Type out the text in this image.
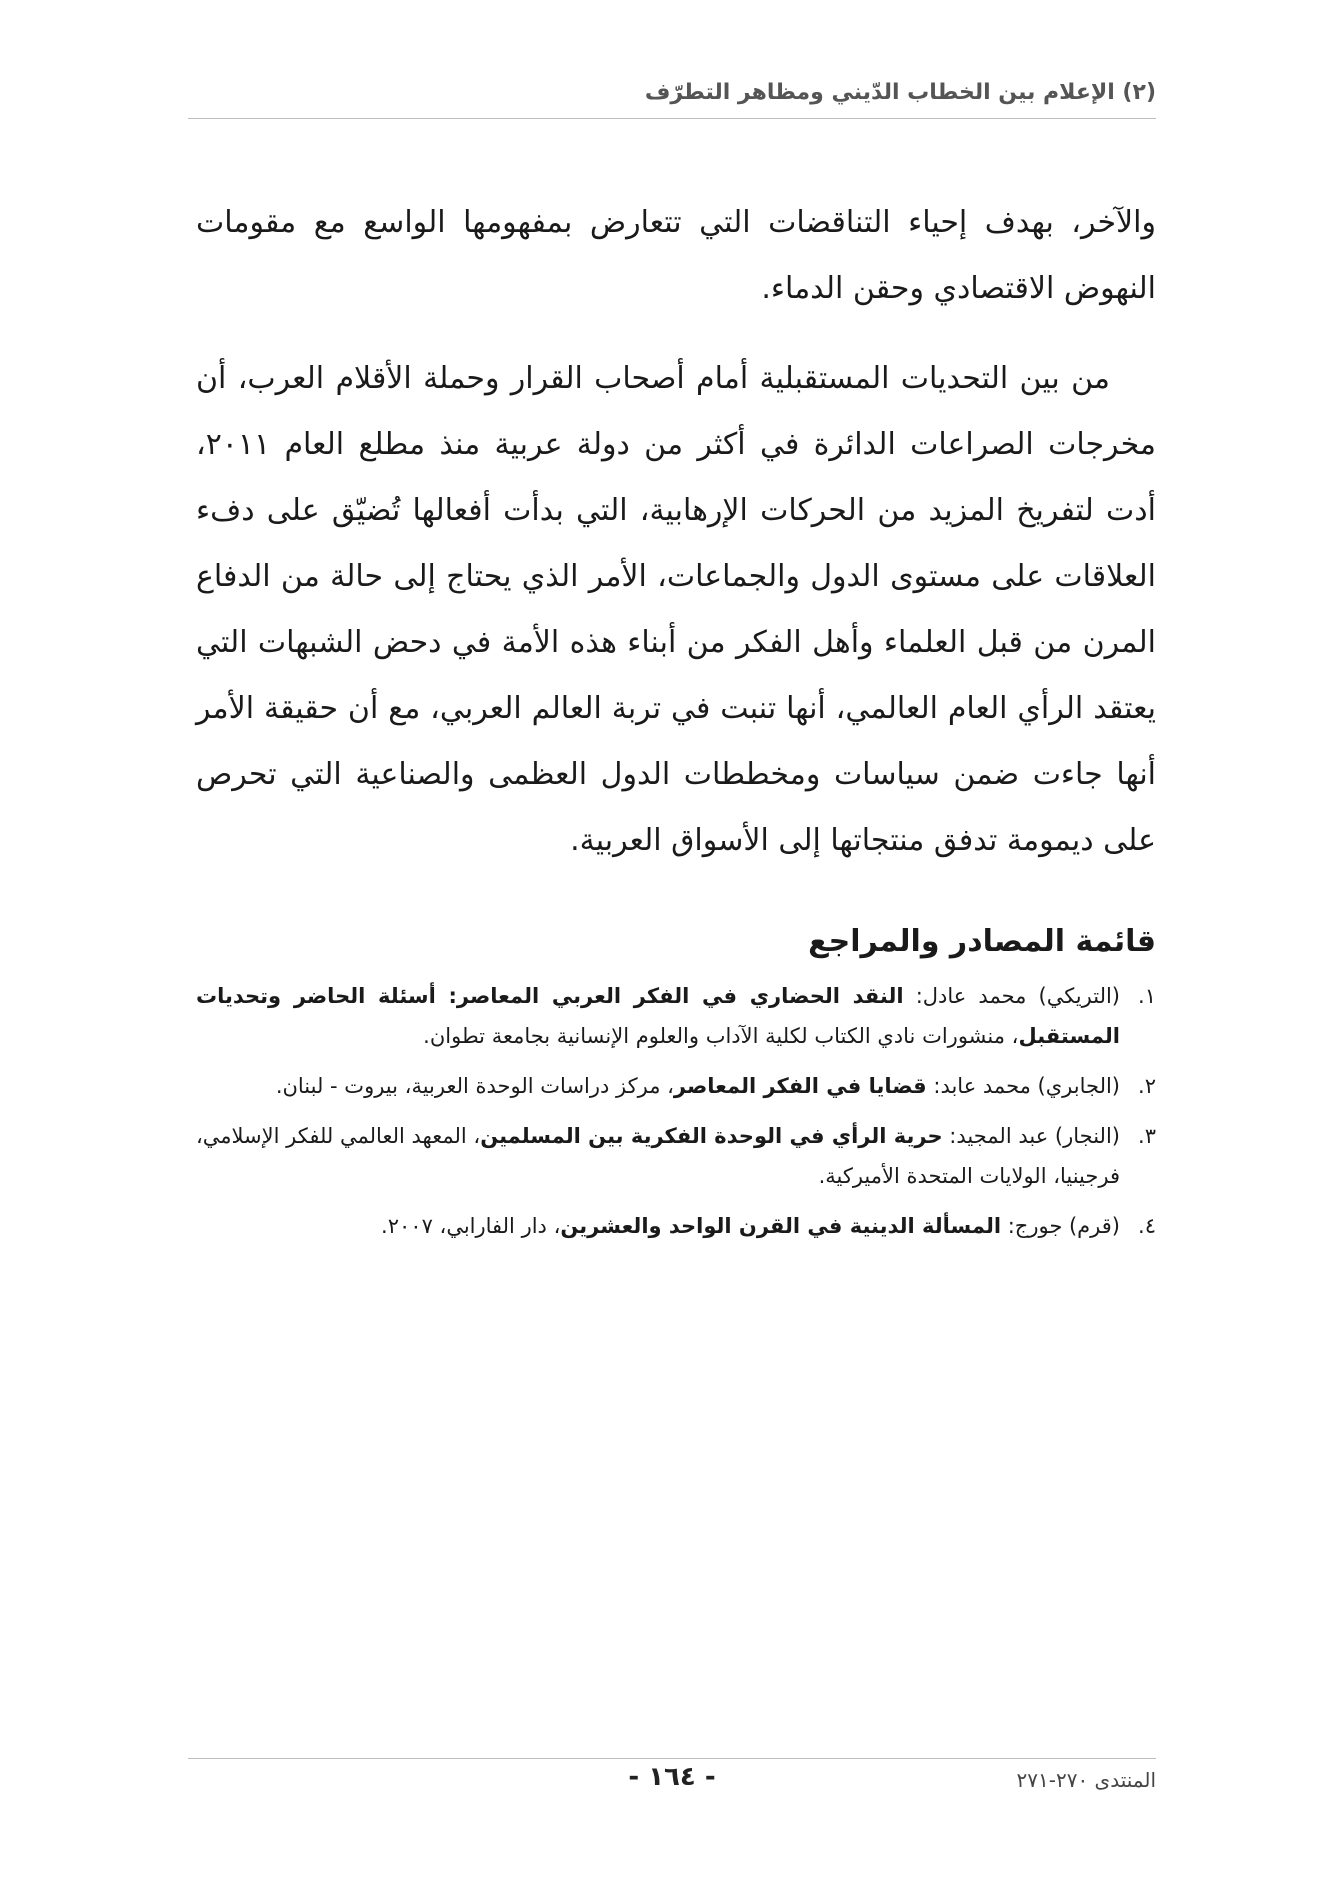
(٢) الإعلام بين الخطاب الدّيني ومظاهر التطرّف

والآخر، بهدف إحياء التناقضات التي تتعارض بمفهومها الواسع مع مقومات النهوض الاقتصادي وحقن الدماء.

من بين التحديات المستقبلية أمام أصحاب القرار وحملة الأقلام العرب، أن مخرجات الصراعات الدائرة في أكثر من دولة عربية منذ مطلع العام ٢٠١١، أدت لتفريخ المزيد من الحركات الإرهابية، التي بدأت أفعالها تُضيّق على دفء العلاقات على مستوى الدول والجماعات، الأمر الذي يحتاج إلى حالة من الدفاع المرن من قبل العلماء وأهل الفكر من أبناء هذه الأمة في دحض الشبهات التي يعتقد الرأي العام العالمي، أنها تنبت في تربة العالم العربي، مع أن حقيقة الأمر أنها جاءت ضمن سياسات ومخططات الدول العظمى والصناعية التي تحرص على ديمومة تدفق منتجاتها إلى الأسواق العربية.

قائمة المصادر والمراجع
١.
(التريكي) محمد عادل: النقد الحضاري في الفكر العربي المعاصر: أسئلة الحاضر وتحديات المستقبل، منشورات نادي الكتاب لكلية الآداب والعلوم الإنسانية بجامعة تطوان.
٢.
(الجابري) محمد عابد: قضايا في الفكر المعاصر، مركز دراسات الوحدة العربية، بيروت - لبنان.
٣.
(النجار) عبد المجيد: حرية الرأي في الوحدة الفكرية بين المسلمين، المعهد العالمي للفكر الإسلامي، فرجينيا، الولايات المتحدة الأميركية.
٤.
(قرم) جورج: المسألة الدينية في القرن الواحد والعشرين، دار الفارابي، ٢٠٠٧.
المنتدى ٢٧٠-٢٧١
- ١٦٤ -
